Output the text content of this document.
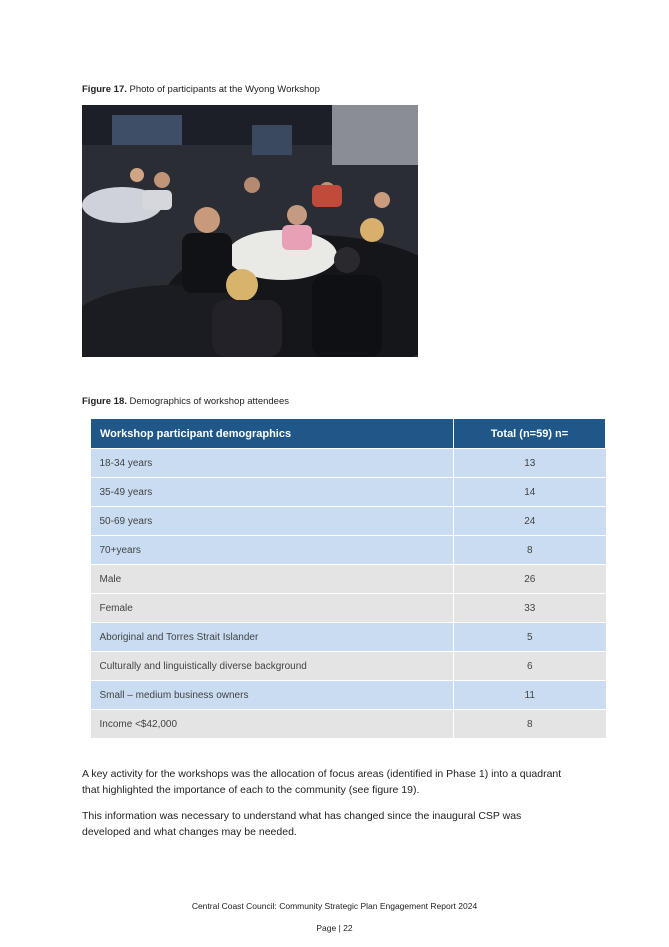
Figure 17. Photo of participants at the Wyong Workshop
Figure 18. Demographics of workshop attendees
Workshop participant demographics	Total (n=59) n=
18-34 years	13
35-49 years	14
50-69 years	24
70+years	8
Male	26
Female	33
Aboriginal and Torres Strait Islander	5
Culturally and linguistically diverse background	6
Small – medium business owners	11
Income <$42,000	8

A key activity for the workshops was the allocation of focus areas (identified in Phase 1) into a quadrant that highlighted the importance of each to the community (see figure 19).

This information was necessary to understand what has changed since the inaugural CSP was developed and what changes may be needed.

Central Coast Council: Community Strategic Plan Engagement Report 2024
Page | 22
